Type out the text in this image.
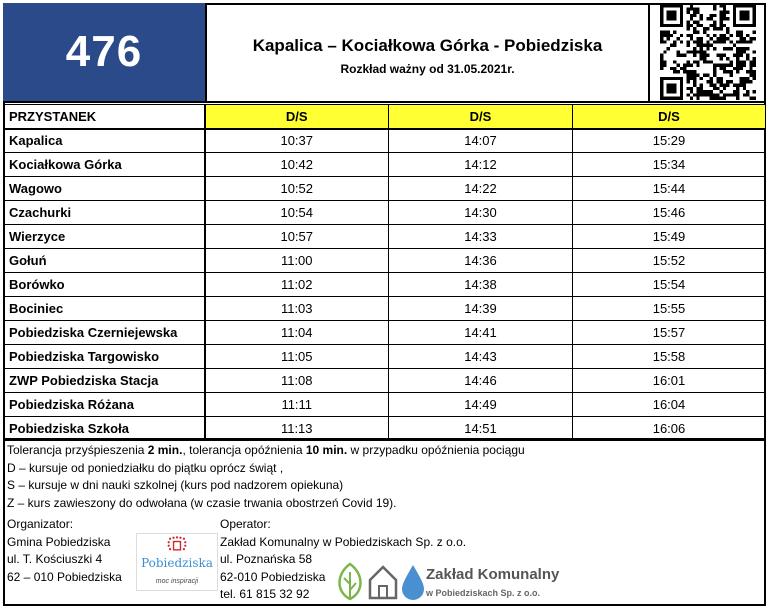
476	Kapalica – Kociałkowa Górka - Pobiedziska
Rozkład ważny od 31.05.2021r.
PRZYSTANEK	D/S	D/S	D/S
Kapalica	10:37	14:07	15:29
Kociałkowa Górka	10:42	14:12	15:34
Wagowo	10:52	14:22	15:44
Czachurki	10:54	14:30	15:46
Wierzyce	10:57	14:33	15:49
Gołuń	11:00	14:36	15:52
Borówko	11:02	14:38	15:54
Bociniec	11:03	14:39	15:55
Pobiedziska Czerniejewska	11:04	14:41	15:57
Pobiedziska Targowisko	11:05	14:43	15:58
ZWP Pobiedziska Stacja	11:08	14:46	16:01
Pobiedziska Różana	11:11	14:49	16:04
Pobiedziska Szkoła	11:13	14:51	16:06
Tolerancja przyśpieszenia 2 min., tolerancja opóźnienia 10 min. w przypadku opóźnienia pociągu
D – kursuje od poniedziałku do piątku oprócz świąt ,
S – kursuje w dni nauki szkolnej (kurs pod nadzorem opiekuna)
Z – kurs zawieszony do odwołana (w czasie trwania obostrzeń Covid 19).
Organizator:
Gmina Pobiedziska
ul. T. Kościuszki 4
62 – 010 Pobiedziska
Pobiedziska
moc inspiracji
Operator:
Zakład Komunalny w Pobiedziskach Sp. z o.o.
ul. Poznańska 58
62-010 Pobiedziska
tel. 61 815 32 92
Zakład Komunalny
w Pobiedziskach Sp. z o.o.
